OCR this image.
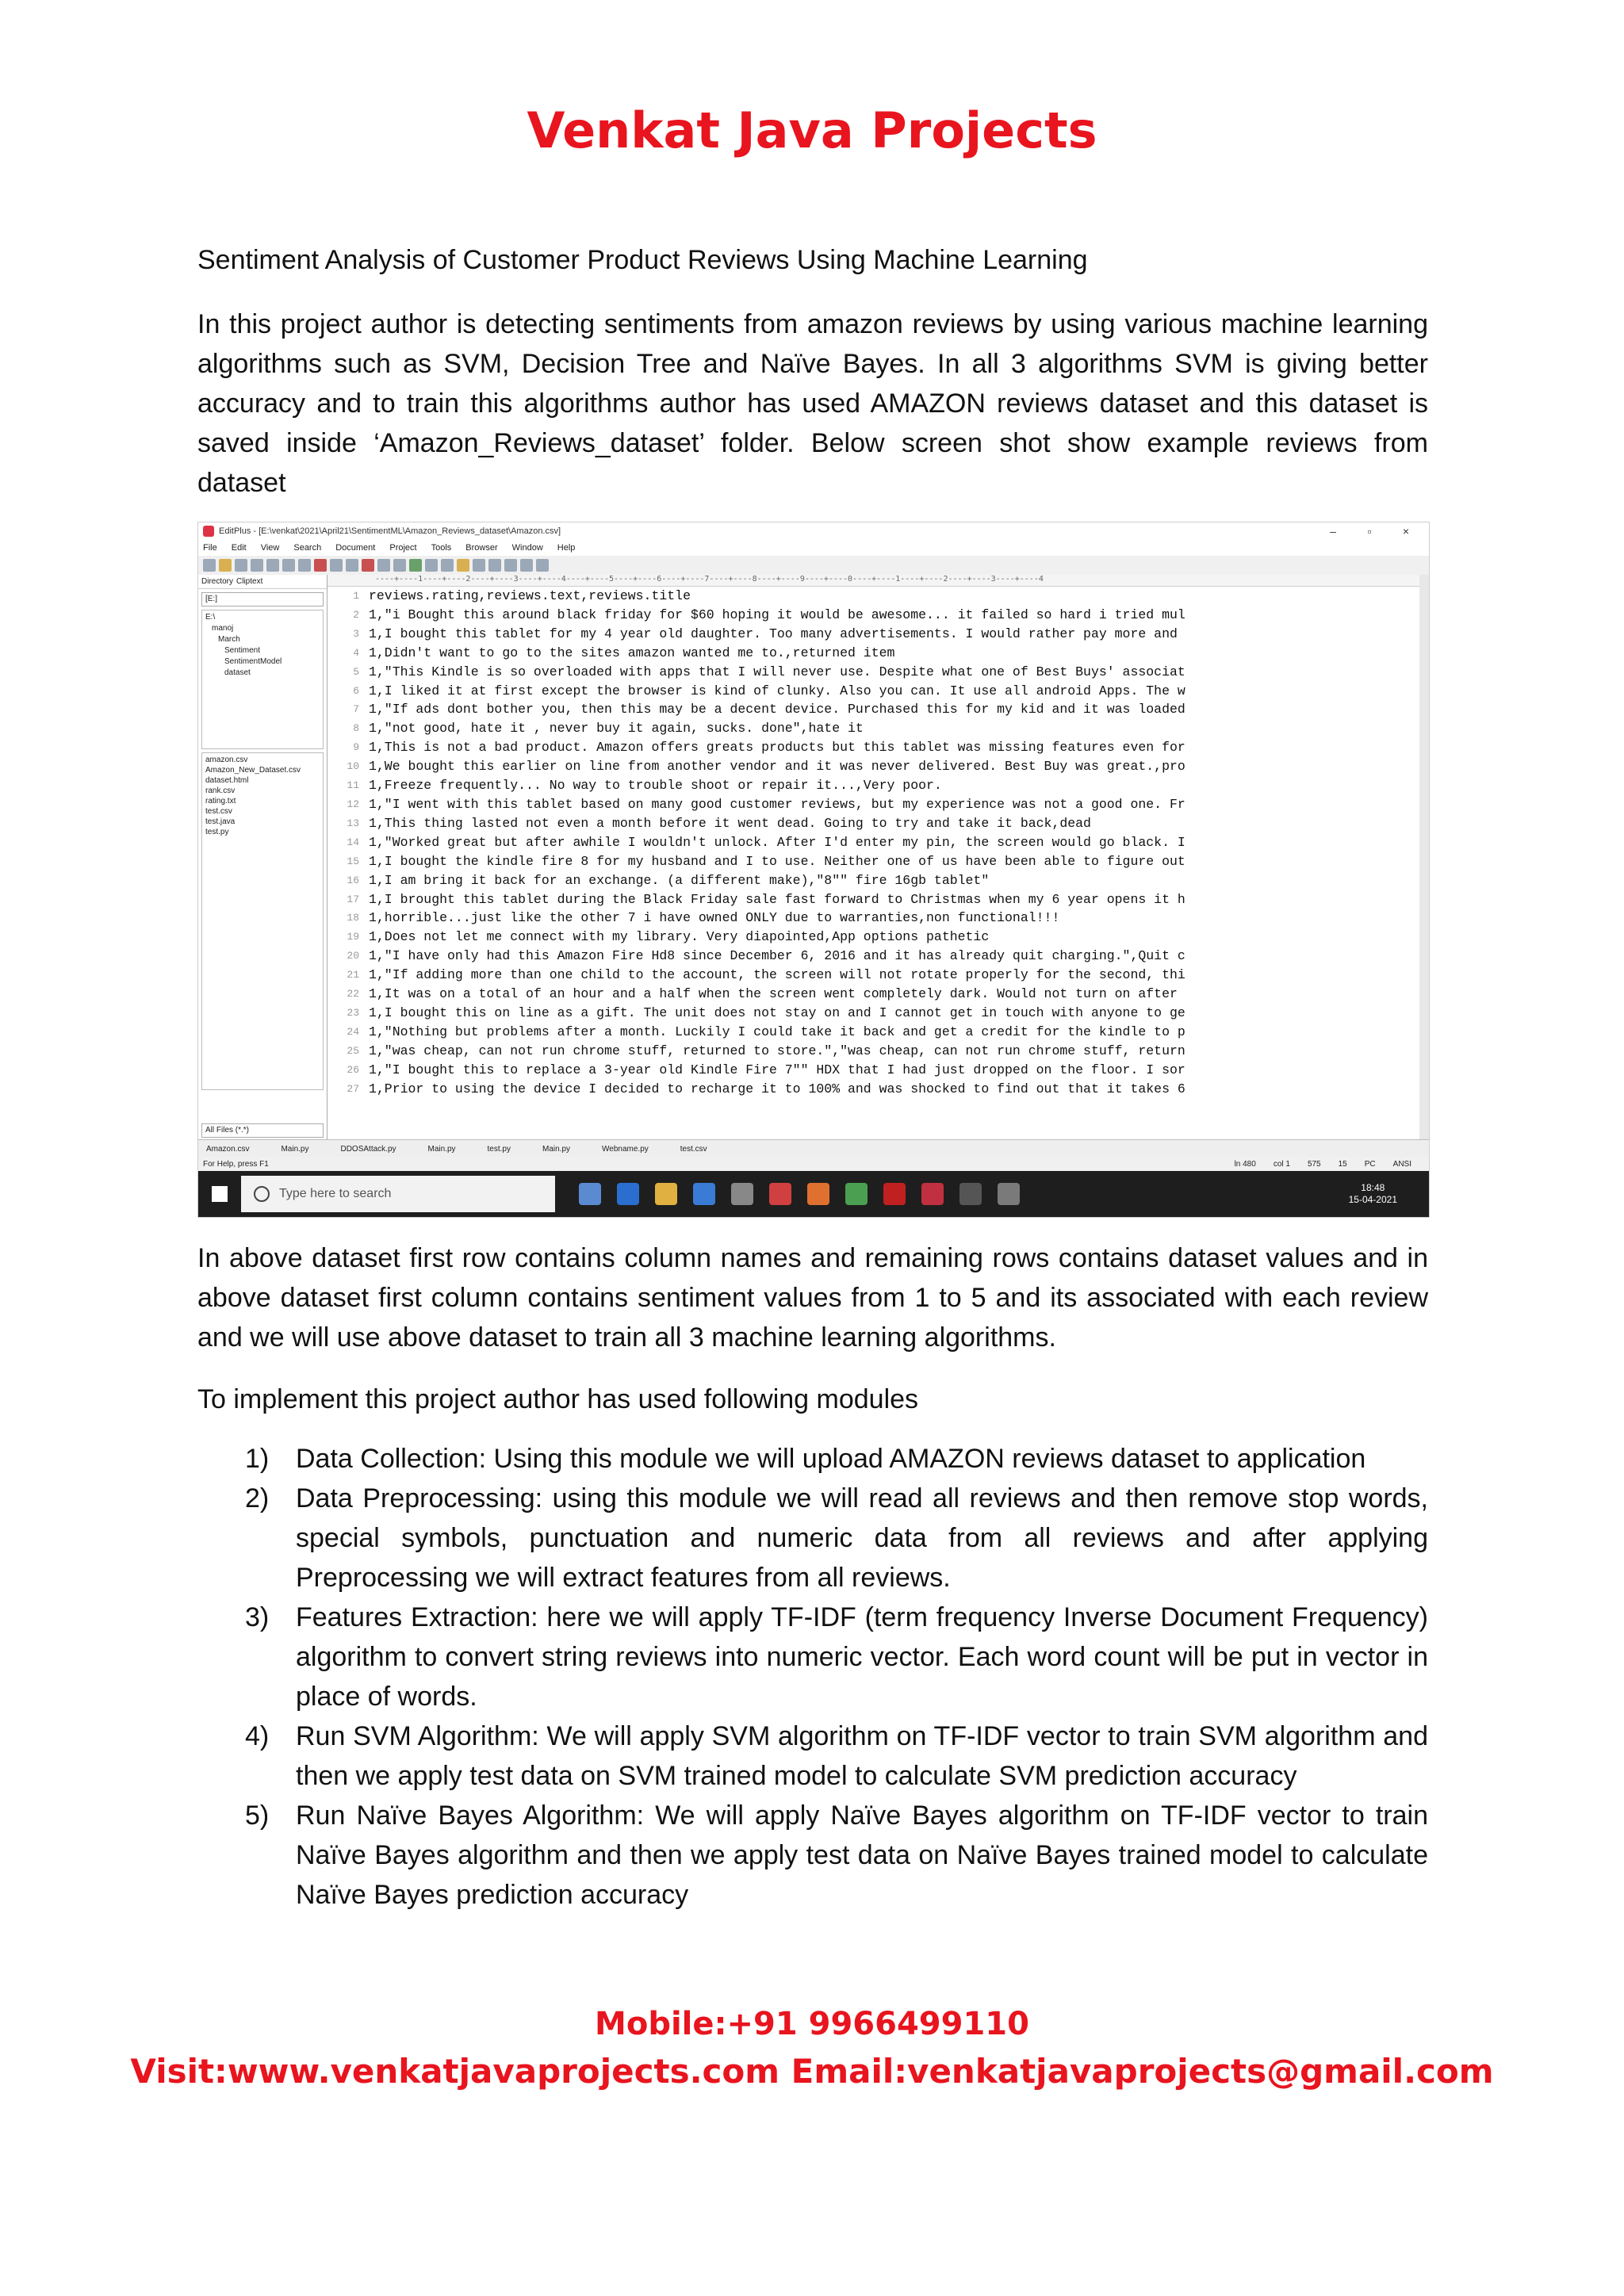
Venkat Java Projects
Sentiment Analysis of Customer Product Reviews Using Machine Learning

In this project author is detecting sentiments from amazon reviews by using various machine learning algorithms such as SVM, Decision Tree and Naïve Bayes. In all 3 algorithms SVM is giving better accuracy and to train this algorithms author has used AMAZON reviews dataset and this dataset is saved inside ‘Amazon_Reviews_dataset’ folder. Below screen shot show example reviews from dataset

EditPlus - [E:\venkat\2021\April21\SentimentML\Amazon_Reviews_dataset\Amazon.csv]	–	▫	×
File Edit View Search Document Project Tools Browser Window Help
Directory Cliptext
[E:]
E:\
manoj
March
Sentiment
SentimentModel
dataset
amazon.csv
Amazon_New_Dataset.csv
dataset.html
rank.csv
rating.txt
test.csv
test.java
test.py
All Files (*.*)
----+----1----+----2----+----3----+----4----+----5----+----6----+----7----+----8----+----9----+----0----+----1----+----2----+----3----+----4
1 reviews.rating,reviews.text,reviews.title
2 1,"i Bought this around black friday for $60 hoping it would be awesome... it failed so hard i tried mul
3 1,I bought this tablet for my 4 year old daughter. Too many advertisements. I would rather pay more and
4 1,Didn't want to go to the sites amazon wanted me to.,returned item
5 1,"This Kindle is so overloaded with apps that I will never use. Despite what one of Best Buys' associat
6 1,I liked it at first except the browser is kind of clunky. Also you can. It use all android Apps. The w
7 1,"If ads dont bother you, then this may be a decent device. Purchased this for my kid and it was loaded
8 1,"not good, hate it , never buy it again, sucks. done",hate it
9 1,This is not a bad product. Amazon offers greats products but this tablet was missing features even for
10 1,We bought this earlier on line from another vendor and it was never delivered. Best Buy was great.,pro
11 1,Freeze frequently... No way to trouble shoot or repair it...,Very poor.
12 1,"I went with this tablet based on many good customer reviews, but my experience was not a good one. Fr
13 1,This thing lasted not even a month before it went dead. Going to try and take it back,dead
14 1,"Worked great but after awhile I wouldn't unlock. After I'd enter my pin, the screen would go black. I
15 1,I bought the kindle fire 8 for my husband and I to use. Neither one of us have been able to figure out
16 1,I am bring it back for an exchange. (a different make),"8"" fire 16gb tablet"
17 1,I brought this tablet during the Black Friday sale fast forward to Christmas when my 6 year opens it h
18 1,horrible...just like the other 7 i have owned ONLY due to warranties,non functional!!!
19 1,Does not let me connect with my library. Very diapointed,App options pathetic
20 1,"I have only had this Amazon Fire Hd8 since December 6, 2016 and it has already quit charging.",Quit c
21 1,"If adding more than one child to the account, the screen will not rotate properly for the second, thi
22 1,It was on a total of an hour and a half when the screen went completely dark. Would not turn on after
23 1,I bought this on line as a gift. The unit does not stay on and I cannot get in touch with anyone to ge
24 1,"Nothing but problems after a month. Luckily I could take it back and get a credit for the kindle to p
25 1,"was cheap, can not run chrome stuff, returned to store.","was cheap, can not run chrome stuff, return
26 1,"I bought this to replace a 3-year old Kindle Fire 7"" HDX that I had just dropped on the floor. I sor
27 1,Prior to using the device I decided to recharge it to 100% and was shocked to find out that it takes 6
Amazon.csv	Main.py	DDOSAttack.py	Main.py	test.py	Main.py	Webname.py	test.csv
For Help, press F1	ln 480 col 1 575 15 PC ANSI
Type here to search	18:48
15-04-2021

In above dataset first row contains column names and remaining rows contains dataset values and in above dataset first column contains sentiment values from 1 to 5 and its associated with each review and we will use above dataset to train all 3 machine learning algorithms.

To implement this project author has used following modules

1) Data Collection: Using this module we will upload AMAZON reviews dataset to application
2) Data Preprocessing: using this module we will read all reviews and then remove stop words, special symbols, punctuation and numeric data from all reviews and after applying Preprocessing we will extract features from all reviews.
3) Features Extraction: here we will apply TF-IDF (term frequency Inverse Document Frequency) algorithm to convert string reviews into numeric vector. Each word count will be put in vector in place of words.
4) Run SVM Algorithm: We will apply SVM algorithm on TF-IDF vector to train SVM algorithm and then we apply test data on SVM trained model to calculate SVM prediction accuracy
5) Run Naïve Bayes Algorithm: We will apply Naïve Bayes algorithm on TF-IDF vector to train Naïve Bayes algorithm and then we apply test data on Naïve Bayes trained model to calculate Naïve Bayes prediction accuracy
Mobile:+91 9966499110
Visit:www.venkatjavaprojects.com Email:venkatjavaprojects@gmail.com
